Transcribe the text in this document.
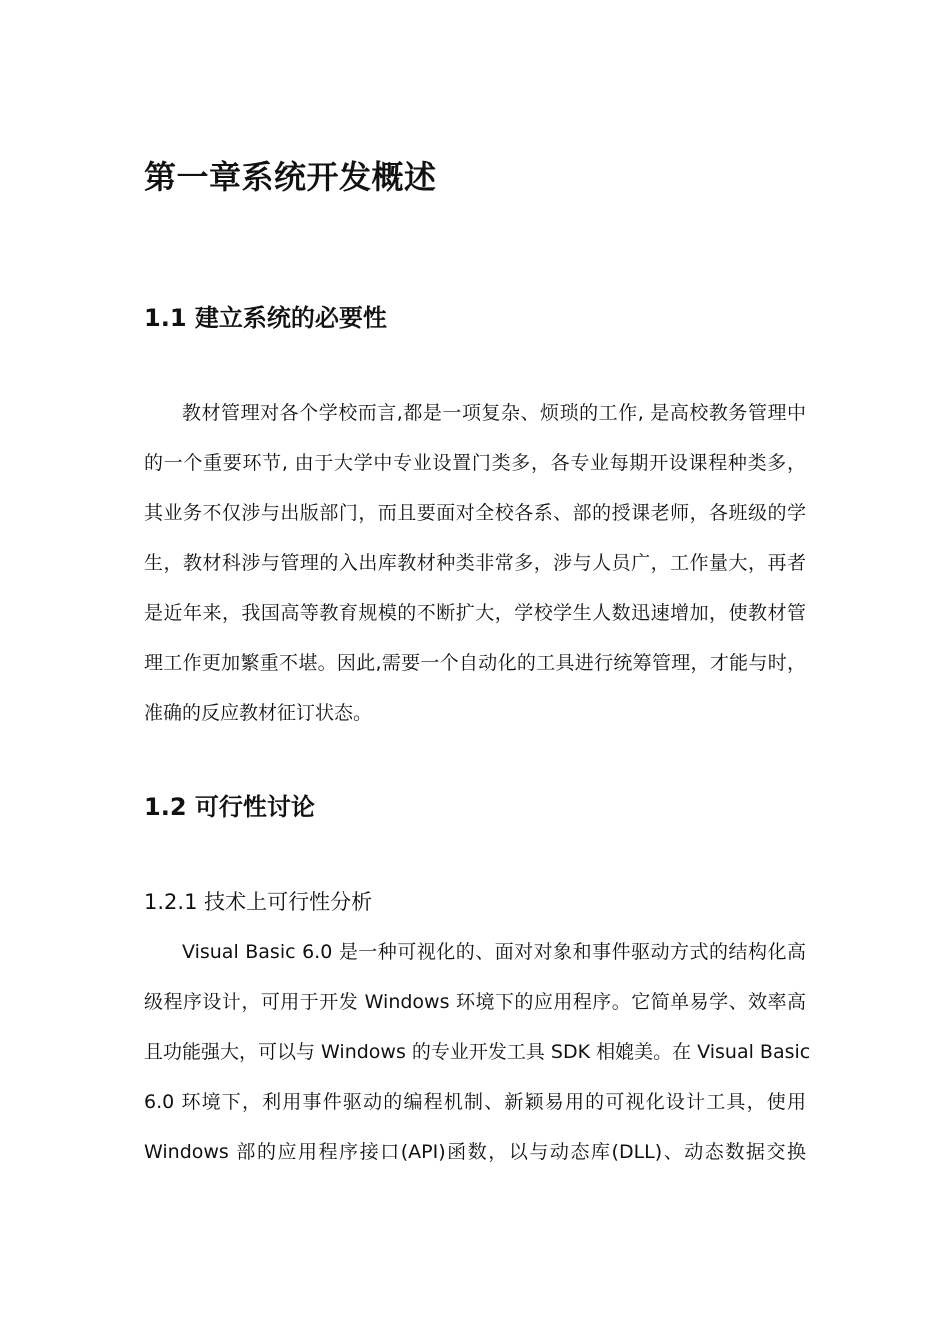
第一章系统开发概述
1.1 建立系统的必要性
教材管理对各个学校而言,都是一项复杂、烦琐的工作, 是高校教务管理中
的一个重要环节, 由于大学中专业设置门类多，各专业每期开设课程种类多，
其业务不仅涉与出版部门，而且要面对全校各系、部的授课老师，各班级的学
生，教材科涉与管理的入出库教材种类非常多，涉与人员广，工作量大，再者
是近年来，我国高等教育规模的不断扩大，学校学生人数迅速增加，使教材管
理工作更加繁重不堪。因此,需要一个自动化的工具进行统筹管理，才能与时，
准确的反应教材征订状态。
1.2 可行性讨论
1.2.1 技术上可行性分析
Visual Basic 6.0 是一种可视化的、面对对象和事件驱动方式的结构化高
级程序设计，可用于开发 Windows 环境下的应用程序。它简单易学、效率高
且功能强大，可以与 Windows 的专业开发工具 SDK 相媲美。在 Visual Basic
6.0 环境下，利用事件驱动的编程机制、新颖易用的可视化设计工具，使用
Windows 部的应用程序接口(API)函数，以与动态库(DLL)、动态数据交换
